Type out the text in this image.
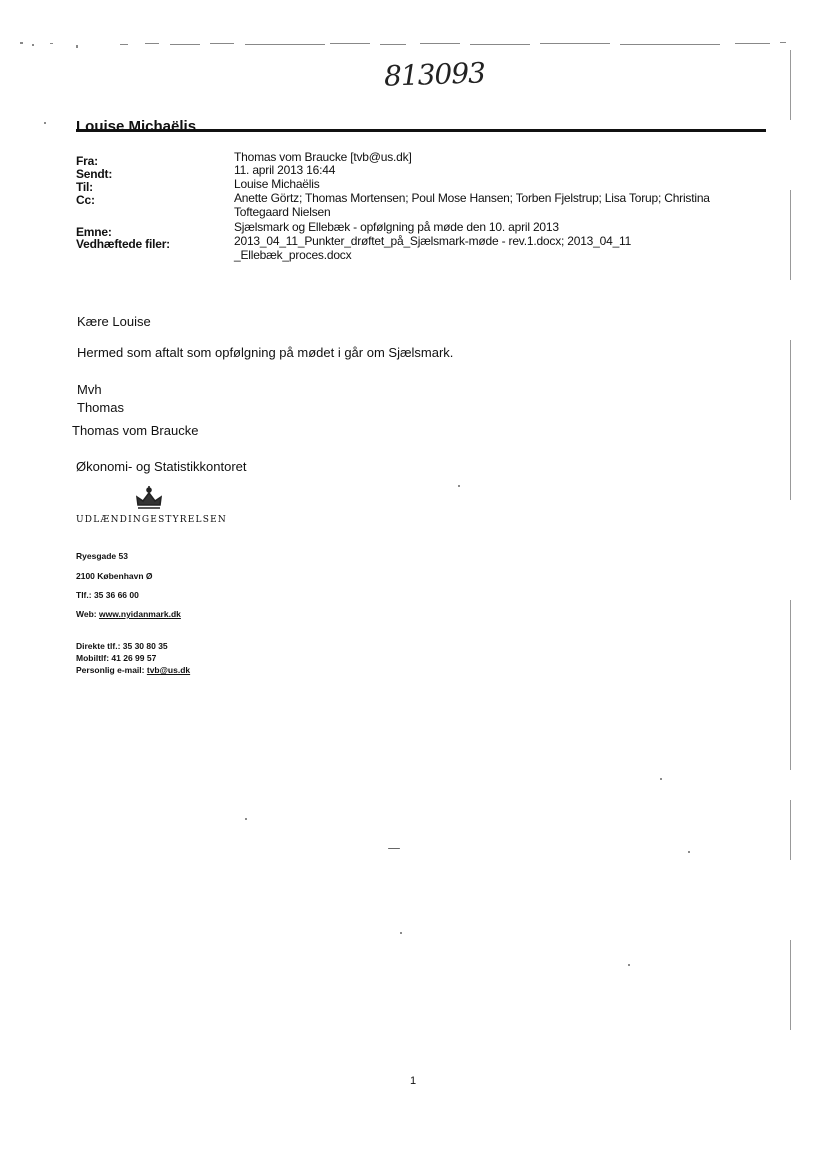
813093
Louise Michaëlis
Fra:	Thomas vom Braucke [tvb@us.dk]
Sendt:	11. april 2013 16:44
Til:	Louise Michaëlis
Cc:	Anette Görtz; Thomas Mortensen; Poul Mose Hansen; Torben Fjelstrup; Lisa Torup; Christina Toftegaard Nielsen
Emne:	Sjælsmark og Ellebæk - opfølgning på møde den 10. april 2013
Vedhæftede filer:	2013_04_11_Punkter_drøftet_på_Sjælsmark-møde - rev.1.docx; 2013_04_11 _Ellebæk_proces.docx
Kære Louise
Hermed som aftalt som opfølgning på mødet i går om Sjælsmark.
Mvh
Thomas
Thomas vom Braucke
Økonomi- og Statistikkontoret
UDLÆNDINGESTYRELSEN
Ryesgade 53
2100 København Ø
Tlf.: 35 36 66 00
Web: www.nyidanmark.dk
Direkte tlf.: 35 30 80 35
Mobiltlf: 41 26 99 57
Personlig e-mail: tvb@us.dk
1
